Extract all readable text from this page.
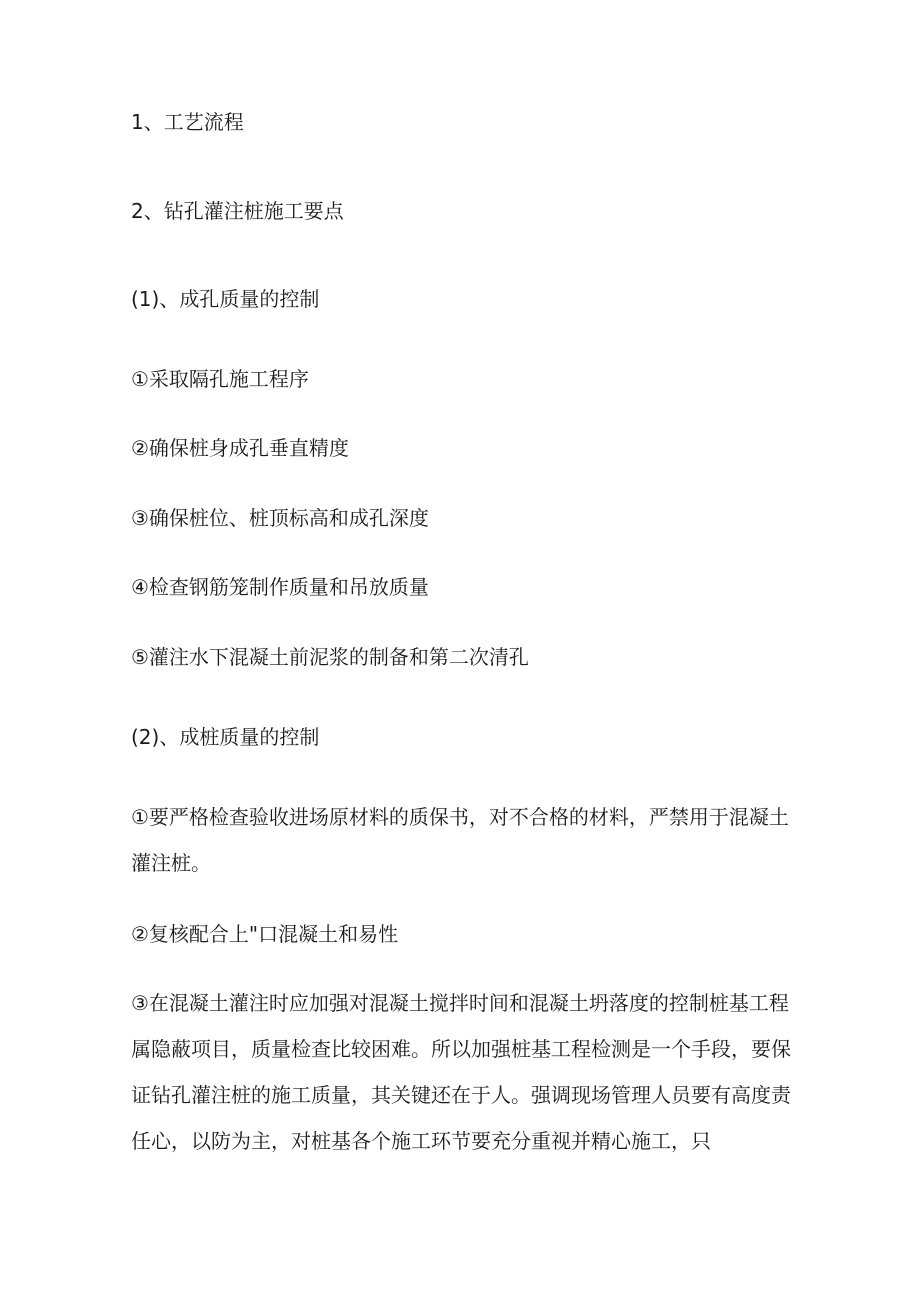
1、工艺流程
2、钻孔灌注桩施工要点
(1)、成孔质量的控制
①采取隔孔施工程序
②确保桩身成孔垂直精度
③确保桩位、桩顶标高和成孔深度
④检查钢筋笼制作质量和吊放质量
⑤灌注水下混凝土前泥浆的制备和第二次清孔
(2)、成桩质量的控制

①要严格检查验收进场原材料的质保书，对不合格的材料，严禁用于混凝土灌注桩。

②复核配合上"口混凝土和易性

③在混凝土灌注时应加强对混凝土搅拌时间和混凝土坍落度的控制桩基工程属隐蔽项目，质量检查比较困难。所以加强桩基工程检测是一个手段，要保证钻孔灌注桩的施工质量，其关键还在于人。强调现场管理人员要有高度责任心，以防为主，对桩基各个施工环节要充分重视并精心施工，只
